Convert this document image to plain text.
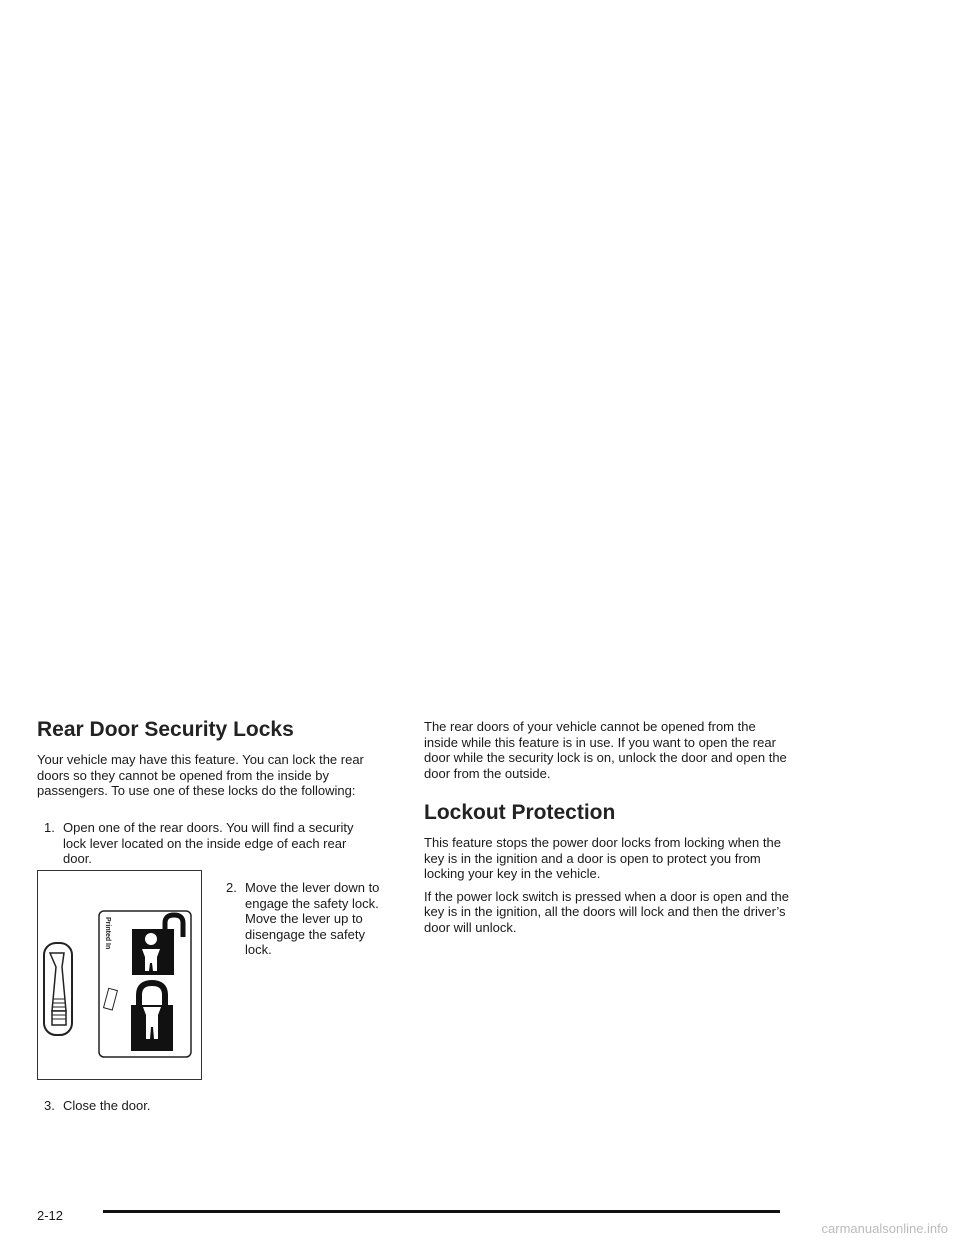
Rear Door Security Locks

Your vehicle may have this feature. You can lock the rear doors so they cannot be opened from the inside by passengers. To use one of these locks do the following:

1. Open one of the rear doors. You will find a security lock lever located on the inside edge of each rear door.
2. Move the lever down to engage the safety lock. Move the lever up to disengage the safety lock.
Printed In
3. Close the door.

The rear doors of your vehicle cannot be opened from the inside while this feature is in use. If you want to open the rear door while the security lock is on, unlock the door and open the door from the outside.

Lockout Protection

This feature stops the power door locks from locking when the key is in the ignition and a door is open to protect you from locking your key in the vehicle.

If the power lock switch is pressed when a door is open and the key is in the ignition, all the doors will lock and then the driver’s door will unlock.

2-12
carmanualsonline.info
